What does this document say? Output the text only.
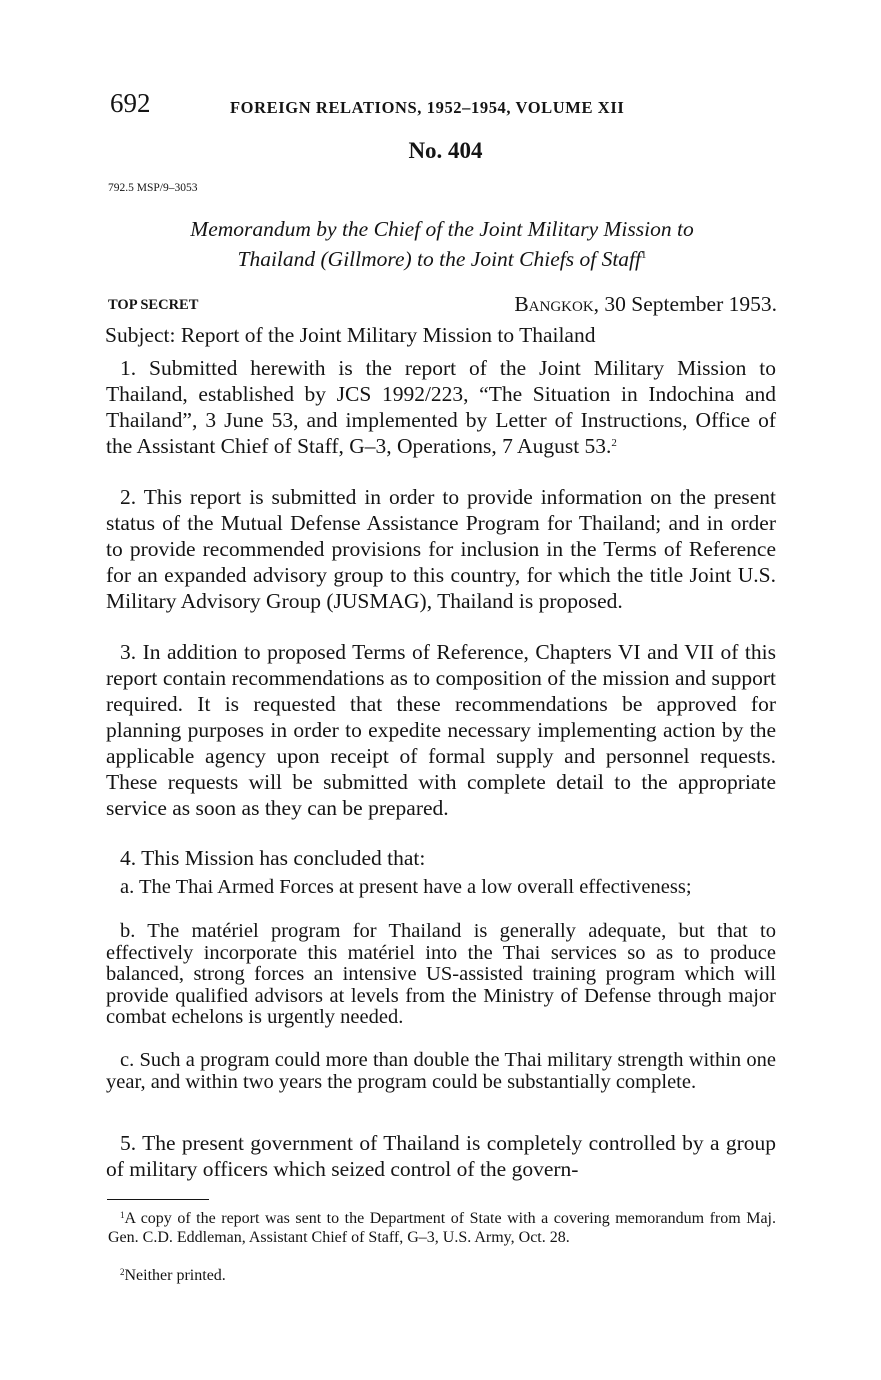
692	FOREIGN RELATIONS, 1952–1954, VOLUME XII
No. 404
792.5 MSP/9–3053
Memorandum by the Chief of the Joint Military Mission to
Thailand (Gillmore) to the Joint Chiefs of Staff$^1$
TOP SECRET	Bangkok, 30 September 1953.
Subject: Report of the Joint Military Mission to Thailand

1. Submitted herewith is the report of the Joint Military Mission to Thailand, established by JCS 1992/223, “The Situation in Indochina and Thailand”, 3 June 53, and implemented by Letter of Instructions, Office of the Assistant Chief of Staff, G–3, Operations, 7 August 53.$^2$

2. This report is submitted in order to provide information on the present status of the Mutual Defense Assistance Program for Thailand; and in order to provide recommended provisions for inclusion in the Terms of Reference for an expanded advisory group to this country, for which the title Joint U.S. Military Advisory Group (JUSMAG), Thailand is proposed.

3. In addition to proposed Terms of Reference, Chapters VI and VII of this report contain recommendations as to composition of the mission and support required. It is requested that these recommendations be approved for planning purposes in order to expedite necessary implementing action by the applicable agency upon receipt of formal supply and personnel requests. These requests will be submitted with complete detail to the appropriate service as soon as they can be prepared.

4. This Mission has concluded that:

a. The Thai Armed Forces at present have a low overall effectiveness;

b. The matériel program for Thailand is generally adequate, but that to effectively incorporate this matériel into the Thai services so as to produce balanced, strong forces an intensive US-assisted training program which will provide qualified advisors at levels from the Ministry of Defense through major combat echelons is urgently needed.

c. Such a program could more than double the Thai military strength within one year, and within two years the program could be substantially complete.

5. The present government of Thailand is completely controlled by a group of military officers which seized control of the govern-

$^1$A copy of the report was sent to the Department of State with a covering memorandum from Maj. Gen. C.D. Eddleman, Assistant Chief of Staff, G–3, U.S. Army, Oct. 28.

$^2$Neither printed.
